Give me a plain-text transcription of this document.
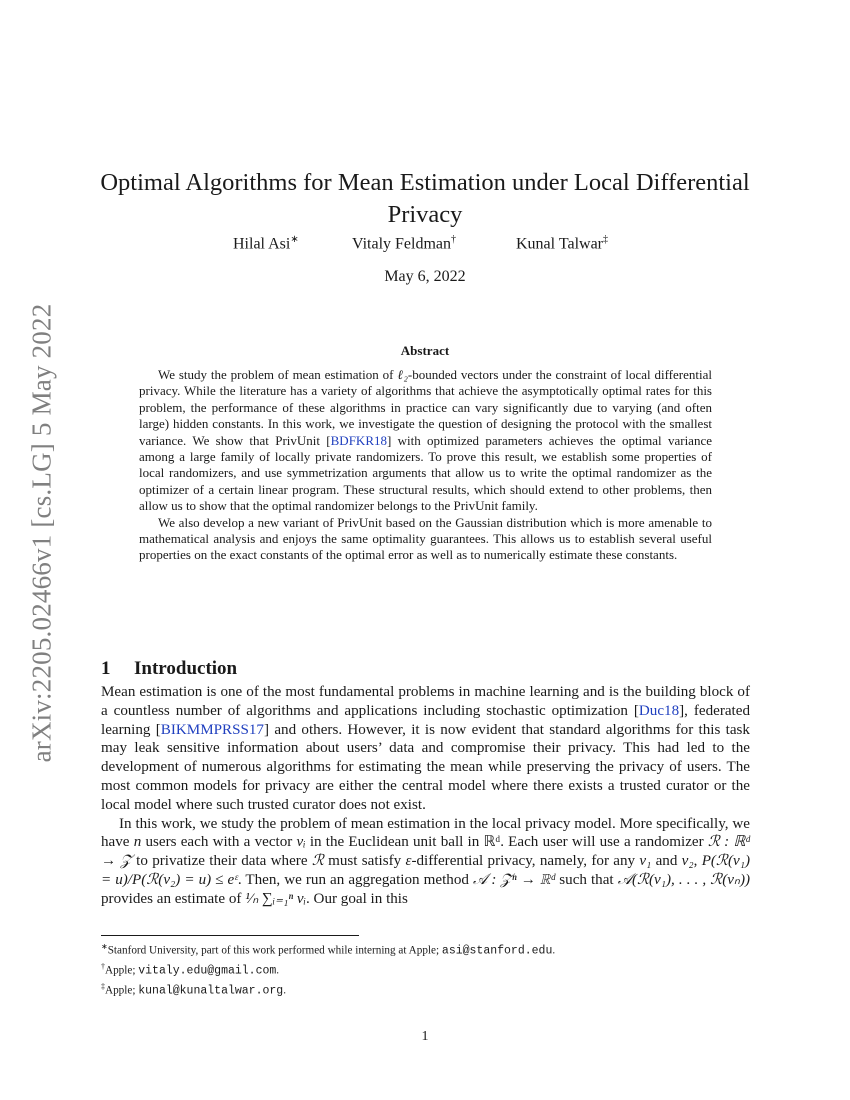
arXiv:2205.02466v1 [cs.LG] 5 May 2022
Optimal Algorithms for Mean Estimation under Local Differential Privacy
Hilal Asi∗	Vitaly Feldman†	Kunal Talwar‡
May 6, 2022
Abstract

We study the problem of mean estimation of ℓ₂-bounded vectors under the constraint of local differential privacy. While the literature has a variety of algorithms that achieve the asymptotically optimal rates for this problem, the performance of these algorithms in practice can vary significantly due to varying (and often large) hidden constants. In this work, we investigate the question of designing the protocol with the smallest variance. We show that PrivUnit [BDFKR18] with optimized parameters achieves the optimal variance among a large family of locally private randomizers. To prove this result, we establish some properties of local randomizers, and use symmetrization arguments that allow us to write the optimal randomizer as the optimizer of a certain linear program. These structural results, which should extend to other problems, then allow us to show that the optimal randomizer belongs to the PrivUnit family.

We also develop a new variant of PrivUnit based on the Gaussian distribution which is more amenable to mathematical analysis and enjoys the same optimality guarantees. This allows us to establish several useful properties on the exact constants of the optimal error as well as to numerically estimate these constants.

1 Introduction

Mean estimation is one of the most fundamental problems in machine learning and is the building block of a countless number of algorithms and applications including stochastic optimization [Duc18], federated learning [BIKMMPRSS17] and others. However, it is now evident that standard algorithms for this task may leak sensitive information about users’ data and compromise their privacy. This had led to the development of numerous algorithms for estimating the mean while preserving the privacy of users. The most common models for privacy are either the central model where there exists a trusted curator or the local model where such trusted curator does not exist.

In this work, we study the problem of mean estimation in the local privacy model. More specifically, we have n users each with a vector vᵢ in the Euclidean unit ball in ℝᵈ. Each user will use a randomizer ℛ : ℝᵈ → 𝒵 to privatize their data where ℛ must satisfy ε-differential privacy, namely, for any v₁ and v₂, P(ℛ(v₁) = u)/P(ℛ(v₂) = u) ≤ eᵋ. Then, we run an aggregation method 𝒜 : 𝒵ⁿ → ℝᵈ such that 𝒜(ℛ(v₁), . . . , ℛ(vₙ)) provides an estimate of ¹⁄ₙ ∑ᵢ₌₁ⁿ vᵢ. Our goal in this

∗Stanford University, part of this work performed while interning at Apple; asi@stanford.edu.
†Apple; vitaly.edu@gmail.com.
‡Apple; kunal@kunaltalwar.org.
1
